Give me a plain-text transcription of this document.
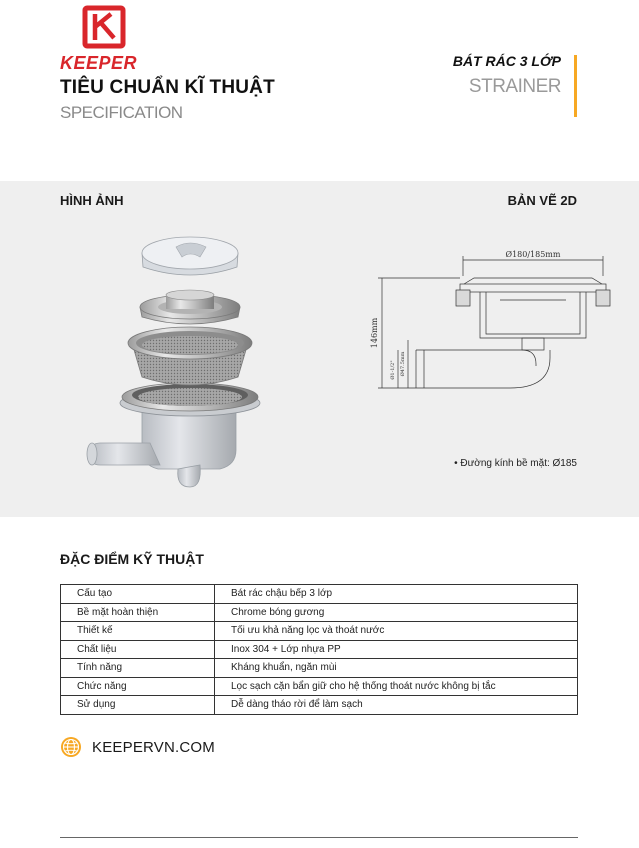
KEEPER
TIÊU CHUẨN KĨ THUẬT
SPECIFICATION
BÁT RÁC 3 LỚP
STRAINER
HÌNH ẢNH	BẢN VẼ 2D
Ø180/185mm
146mm
Ø47.5mm
Ø1-1/2"
• Đường kính bề mặt: Ø185
ĐẶC ĐIỂM KỸ THUẬT
Cấu tạo	Bát rác chậu bếp 3 lớp
Bề mặt hoàn thiện	Chrome bóng gương
Thiết kế	Tối ưu khả năng lọc và thoát nước
Chất liệu	Inox 304 + Lớp nhựa PP
Tính năng	Kháng khuẩn, ngăn mùi
Chức năng	Lọc sạch cặn bẩn giữ cho hệ thống thoát nước không bị tắc
Sử dụng	Dễ dàng tháo rời để làm sạch
KEEPERVN.COM
